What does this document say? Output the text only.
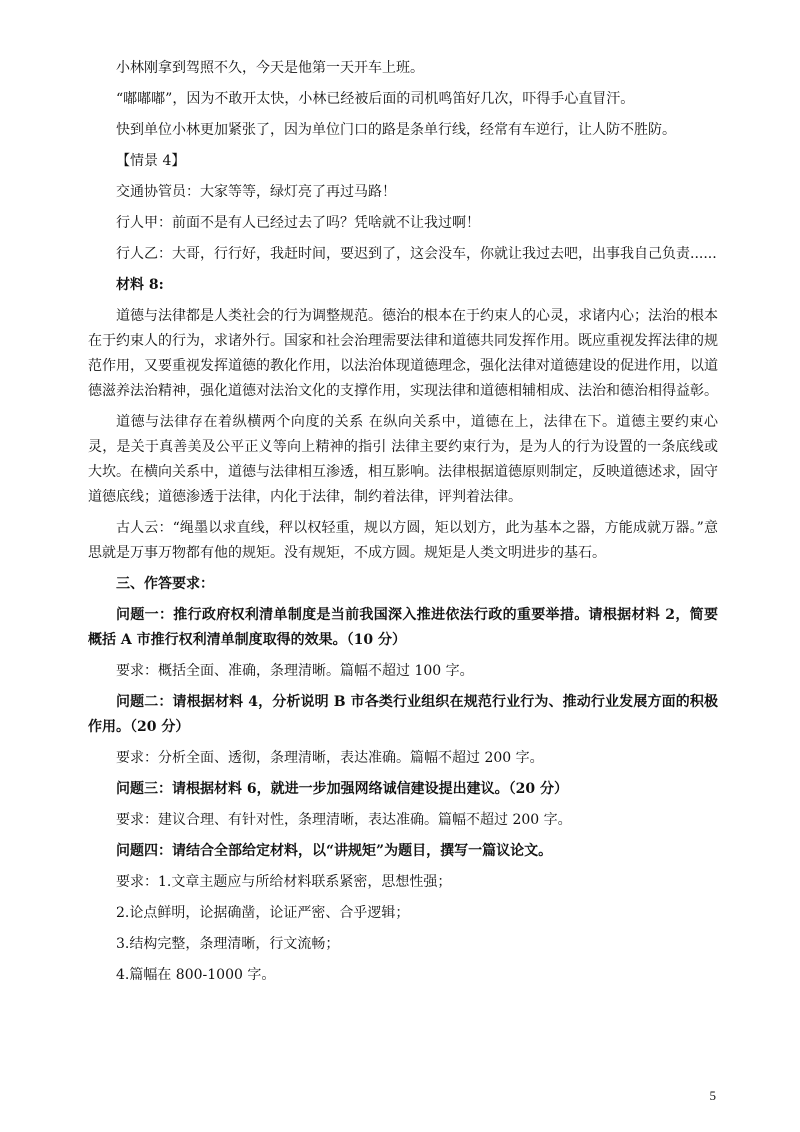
小林刚拿到驾照不久，今天是他第一天开车上班。

“嘟嘟嘟”，因为不敢开太快，小林已经被后面的司机鸣笛好几次，吓得手心直冒汗。

快到单位小林更加紧张了，因为单位门口的路是条单行线，经常有车逆行，让人防不胜防。

【情景 4】

交通协管员：大家等等，绿灯亮了再过马路！

行人甲：前面不是有人已经过去了吗？凭啥就不让我过啊！

行人乙：大哥，行行好，我赶时间，要迟到了，这会没车，你就让我过去吧，出事我自己负责......

材料 8:

道德与法律都是人类社会的行为调整规范。德治的根本在于约束人的心灵，求诸内心；法治的根本在于约束人的行为，求诸外行。国家和社会治理需要法律和道德共同发挥作用。既应重视发挥法律的规范作用，又要重视发挥道德的教化作用，以法治体现道德理念，强化法律对道德建设的促进作用，以道德滋养法治精神，强化道德对法治文化的支撑作用，实现法律和道德相辅相成、法治和德治相得益彰。

道德与法律存在着纵横两个向度的关系 在纵向关系中，道德在上，法律在下。道德主要约束心灵，是关于真善美及公平正义等向上精神的指引 法律主要约束行为，是为人的行为设置的一条底线或大坎。在横向关系中，道德与法律相互渗透，相互影响。法律根据道德原则制定，反映道德述求，固守道德底线；道德渗透于法律，内化于法律，制约着法律，评判着法律。

古人云：“绳墨以求直线，秤以权轻重，规以方圆，矩以划方，此为基本之器，方能成就万器。”意思就是万事万物都有他的规矩。没有规矩，不成方圆。规矩是人类文明进步的基石。

三、作答要求：

问题一：推行政府权利清单制度是当前我国深入推进依法行政的重要举措。请根据材料 2，简要概括 A 市推行权利清单制度取得的效果。（10 分）

要求：概括全面、准确，条理清晰。篇幅不超过 100 字。

问题二：请根据材料 4，分析说明 B 市各类行业组织在规范行业行为、推动行业发展方面的积极作用。（20 分）

要求：分析全面、透彻，条理清晰，表达准确。篇幅不超过 200 字。

问题三：请根据材料 6，就进一步加强网络诚信建设提出建议。（20 分）

要求：建议合理、有针对性，条理清晰，表达准确。篇幅不超过 200 字。

问题四：请结合全部给定材料，以“讲规矩”为题目，撰写一篇议论文。

要求：1.文章主题应与所给材料联系紧密，思想性强；

2.论点鲜明，论据确凿，论证严密、合乎逻辑；

3.结构完整，条理清晰，行文流畅；

4.篇幅在 800-1000 字。

5
